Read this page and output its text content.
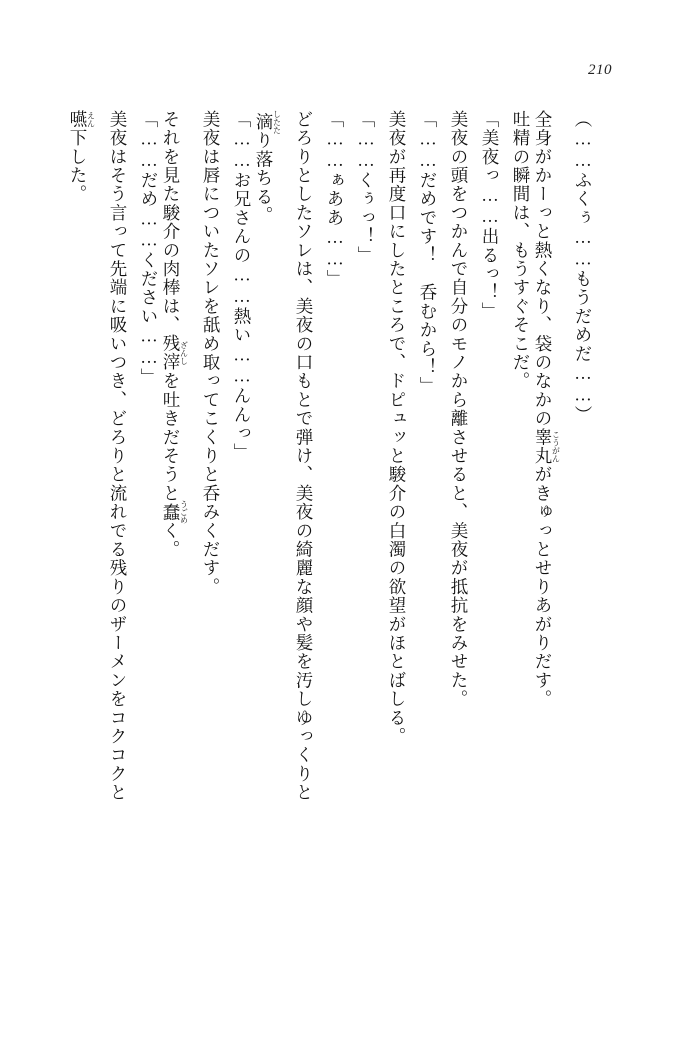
210
嚥えん下した。	美夜はそう言って先端に吸いつき、どろりと流れでる残りのザーメンをコクコクと 「……だめ……ください……」 それを見た駿介の肉棒は、残滓ざんしを吐きだそうと蠢うごめく。	美夜は唇についたソレを舐め取ってこくりと呑みくだす。 「……お兄さんの……熱い……んんっ」 滴したたり落ちる。	どろりとしたソレは、美夜の口もとで弾け、美夜の綺麗な顔や髪を汚しゆっくりと 「……ぁああ……」 「……くぅっ！」 美夜が再度口にしたところで、ドピュッと駿介の白濁の欲望がほとばしる。 「……だめです！　呑むから！」 美夜の頭をつかんで自分のモノから離させると、美夜が抵抗をみせた。 「美夜っ……出るっ！」 吐精の瞬間は、もうすぐそこだ。 全身がかーっと熱くなり、袋のなかの睾丸こうがんがきゅっとせりあがりだす。
（……ふくぅ……もうだめだ……）
